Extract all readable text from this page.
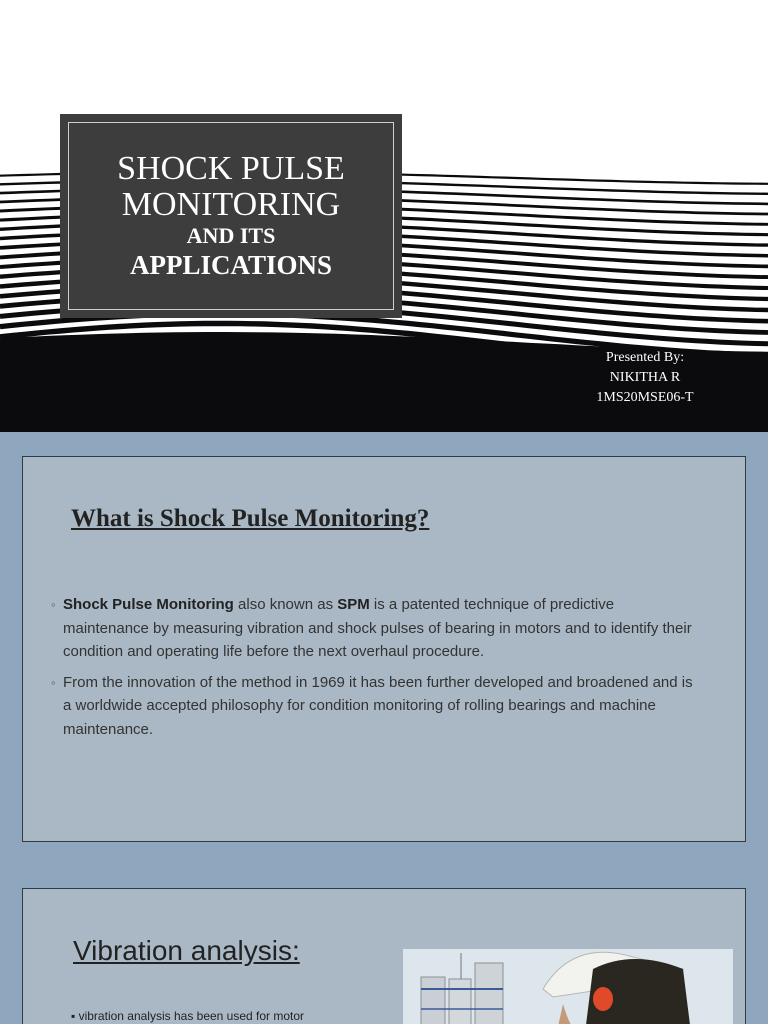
SHOCK PULSE
MONITORING
AND ITS
APPLICATIONS
Presented By:
NIKITHA R
1MS20MSE06-T
What is Shock Pulse Monitoring?
◦ Shock Pulse Monitoring also known as SPM is a patented technique of predictive maintenance by measuring vibration and shock pulses of bearing in motors and to identify their condition and operating life before the next overhaul procedure.
◦ From the innovation of the method in 1969 it has been further developed and broadened and is a worldwide accepted philosophy for condition monitoring of rolling bearings and machine maintenance.
Vibration analysis:

▪ vibration analysis has been used for motor
